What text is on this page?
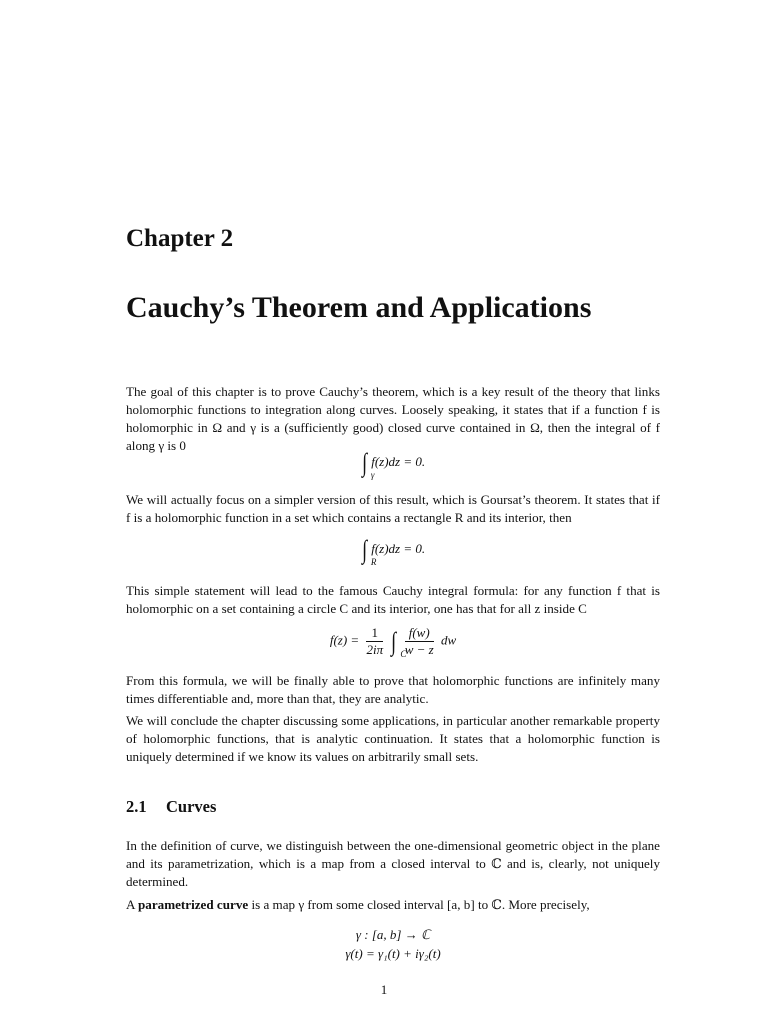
Chapter 2
Cauchy’s Theorem and Applications

The goal of this chapter is to prove Cauchy’s theorem, which is a key result of the theory that links holomorphic functions to integration along curves. Loosely speaking, it states that if a function f is holomorphic in Ω and γ is a (sufficiently good) closed curve contained in Ω, then the integral of f along γ is 0

∫ γ
f(z)dz = 0.

We will actually focus on a simpler version of this result, which is Goursat’s theorem. It states that if f is a holomorphic function in a set which contains a rectangle R and its interior, then

∫ R
f(z)dz = 0.

This simple statement will lead to the famous Cauchy integral formula: for any function f that is holomorphic on a set containing a circle C and its interior, one has that for all z inside C

$f(z) = \frac{1}{2i\pi}$ ∫ C

$\frac{f(w)}{w - z}$ dw

From this formula, we will be finally able to prove that holomorphic functions are infinitely many times differentiable and, more than that, they are analytic.

We will conclude the chapter discussing some applications, in particular another remarkable property of holomorphic functions, that is analytic continuation. It states that a holomorphic function is uniquely determined if we know its values on arbitrarily small sets.

2.1 Curves

In the definition of curve, we distinguish between the one-dimensional geometric object in the plane and its parametrization, which is a map from a closed interval to ℂ and is, clearly, not uniquely determined.

A parametrized curve is a map γ from some closed interval [a, b] to ℂ. More precisely,

γ : [a, b] → ℂ
γ(t) = γ₁(t) + iγ₂(t)
1
